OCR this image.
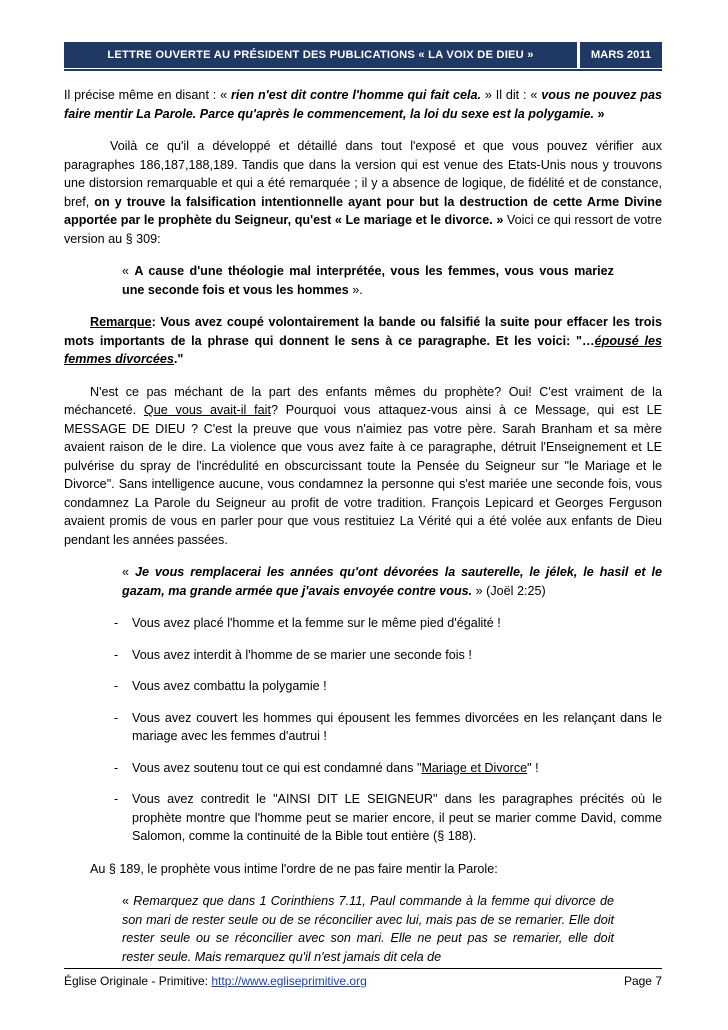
LETTRE OUVERTE AU PRÉSIDENT DES PUBLICATIONS « LA VOIX DE DIEU »	MARS 2011

Il précise même en disant : « rien n'est dit contre l'homme qui fait cela. » Il dit : « vous ne pouvez pas faire mentir La Parole. Parce qu'après le commencement, la loi du sexe est la polygamie. »

Voilà ce qu'il a développé et détaillé dans tout l'exposé et que vous pouvez vérifier aux paragraphes 186,187,188,189. Tandis que dans la version qui est venue des Etats-Unis nous y trouvons une distorsion remarquable et qui a été remarquée ; il y a absence de logique, de fidélité et de constance, bref, on y trouve la falsification intentionnelle ayant pour but la destruction de cette Arme Divine apportée par le prophète du Seigneur, qu'est « Le mariage et le divorce. » Voici ce qui ressort de votre version au § 309:

« A cause d'une théologie mal interprétée, vous les femmes, vous vous mariez une seconde fois et vous les hommes ».

Remarque: Vous avez coupé volontairement la bande ou falsifié la suite pour effacer les trois mots importants de la phrase qui donnent le sens à ce paragraphe. Et les voici: "…épousé les femmes divorcées."

N'est ce pas méchant de la part des enfants mêmes du prophète? Oui! C'est vraiment de la méchanceté. Que vous avait-il fait? Pourquoi vous attaquez-vous ainsi à ce Message, qui est LE MESSAGE DE DIEU ? C'est la preuve que vous n'aimiez pas votre père. Sarah Branham et sa mère avaient raison de le dire. La violence que vous avez faite à ce paragraphe, détruit l'Enseignement et LE pulvérise du spray de l'incrédulité en obscurcissant toute la Pensée du Seigneur sur "le Mariage et le Divorce". Sans intelligence aucune, vous condamnez la personne qui s'est mariée une seconde fois, vous condamnez La Parole du Seigneur au profit de votre tradition. François Lepicard et Georges Ferguson avaient promis de vous en parler pour que vous restituiez La Vérité qui a été volée aux enfants de Dieu pendant les années passées.

« Je vous remplacerai les années qu'ont dévorées la sauterelle, le jélek, le hasil et le gazam, ma grande armée que j'avais envoyée contre vous. » (Joël 2:25)

- Vous avez placé l'homme et la femme sur le même pied d'égalité !
- Vous avez interdit à l'homme de se marier une seconde fois !
- Vous avez combattu la polygamie !
- Vous avez couvert les hommes qui épousent les femmes divorcées en les relançant dans le mariage avec les femmes d'autrui !
- Vous avez soutenu tout ce qui est condamné dans "Mariage et Divorce" !
- Vous avez contredit le "AINSI DIT LE SEIGNEUR" dans les paragraphes précités où le prophète montre que l'homme peut se marier encore, il peut se marier comme David, comme Salomon, comme la continuité de la Bible tout entière (§ 188).

Au § 189, le prophète vous intime l'ordre de ne pas faire mentir la Parole:

« Remarquez que dans 1 Corinthiens 7.11, Paul commande à la femme qui divorce de son mari de rester seule ou de se réconcilier avec lui, mais pas de se remarier. Elle doit rester seule ou se réconcilier avec son mari. Elle ne peut pas se remarier, elle doit rester seule. Mais remarquez qu'il n'est jamais dit cela de

Église Originale - Primitive: http://www.egliseprimitive.org	Page 7
